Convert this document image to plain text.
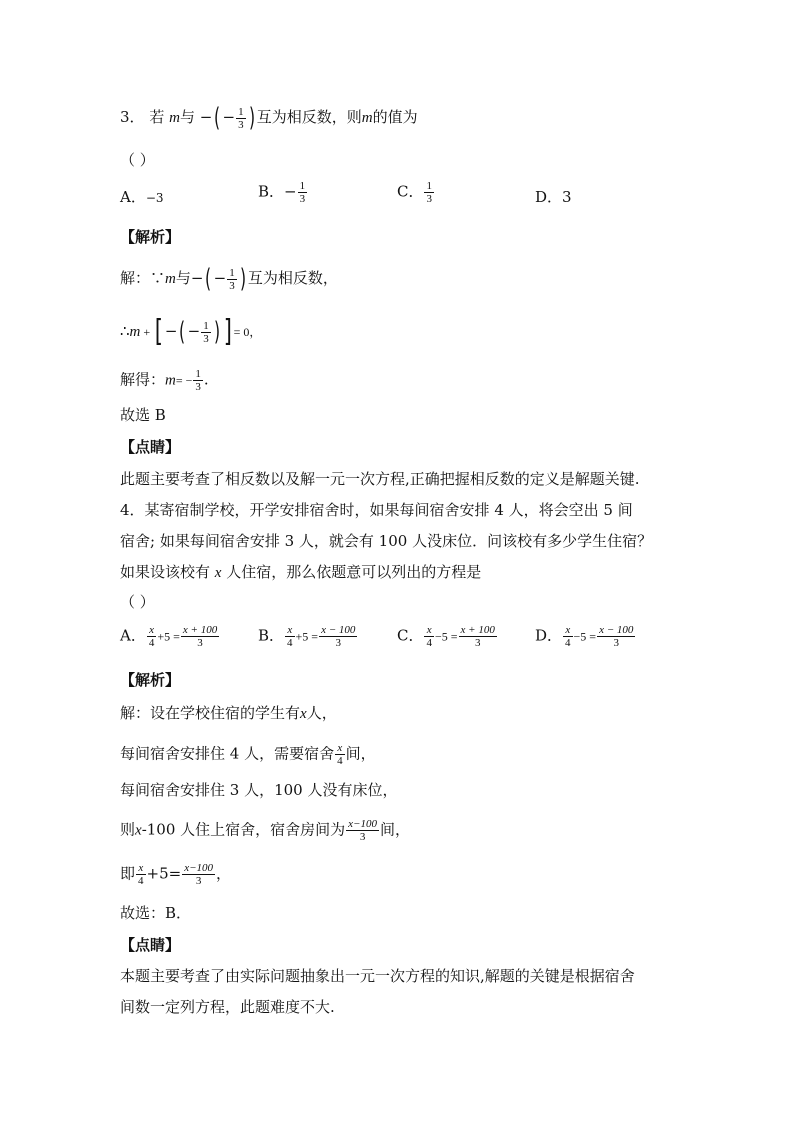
3． 若 m与 −( − $\frac{1}{3}$ ) 互为相反数，则m的值为
（ ）
A．−3	B．− $\frac{1}{3}$	C． $\frac{1}{3}$	D．3
【解析】
解：∵m与−( − $\frac{1}{3}$ ) 互为相反数，
∴m + [ −( − $\frac{1}{3}$ ) ] = 0，
解得：$m= - \frac{1}{3}$ .
故选 B
【点睛】
此题主要考查了相反数以及解一元一次方程,正确把握相反数的定义是解题关键.
4．某寄宿制学校，开学安排宿舍时，如果每间宿舍安排 4 人，将会空出 5 间
宿舍; 如果每间宿舍安排 3 人，就会有 100 人没床位．问该校有多少学生住宿？
如果设该校有 x 人住宿，那么依题意可以列出的方程是
（ ）
A． $\frac{x}{4} +5 = \frac{x + 100}{3}$	B． $\frac{x}{4} +5 = \frac{x - 100}{3}$	C． $\frac{x}{4} -5 = \frac{x + 100}{3}$	D． $\frac{x}{4} -5 = \frac{x - 100}{3}$
【解析】
解：设在学校住宿的学生有x人，
每间宿舍安排住 4 人，需要宿舍 $\frac{x}{4}$ 间，
每间宿舍安排住 3 人，100 人没有床位，
则x-100 人住上宿舍，宿舍房间为 $\frac{x-100}{3}$ 间，
即 $\frac{x}{4} +5= \frac{x-100}{3}$ ，
故选：B．
【点睛】
本题主要考查了由实际问题抽象出一元一次方程的知识,解题的关键是根据宿舍
间数一定列方程，此题难度不大.
